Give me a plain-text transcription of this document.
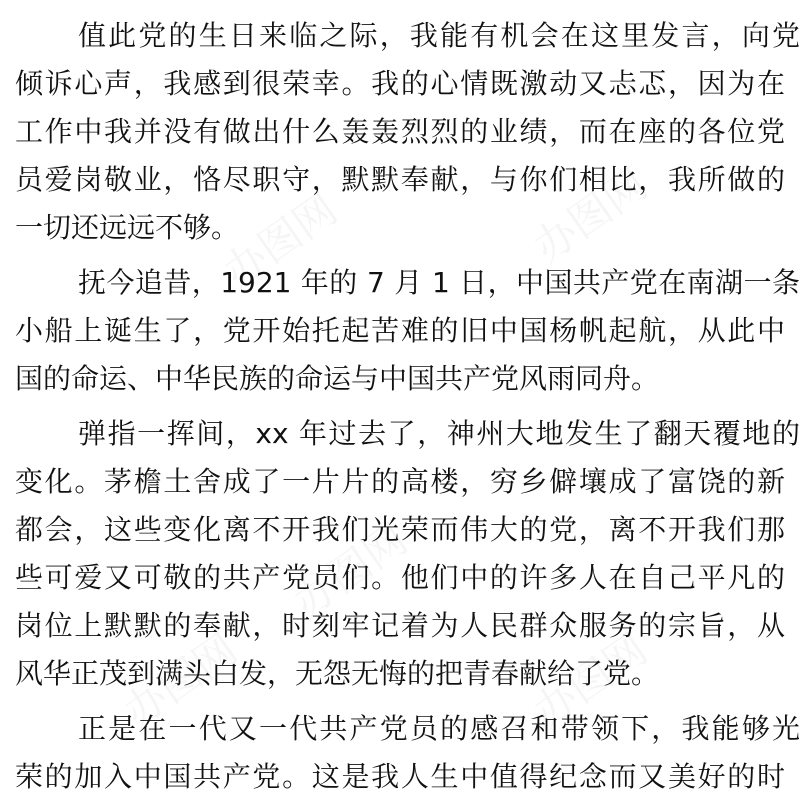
办图网	办图网
办图网
办图网	办图网

值此党的生日来临之际，我能有机会在这里发言，向党

倾诉心声，我感到很荣幸。我的心情既激动又忐忑，因为在

工作中我并没有做出什么轰轰烈烈的业绩，而在座的各位党

员爱岗敬业，恪尽职守，默默奉献，与你们相比，我所做的

一切还远远不够。

抚今追昔，1921 年的 7 月 1 日，中国共产党在南湖一条

小船上诞生了，党开始托起苦难的旧中国杨帆起航，从此中

国的命运、中华民族的命运与中国共产党风雨同舟。

弹指一挥间，xx 年过去了，神州大地发生了翻天覆地的

变化。茅檐土舍成了一片片的高楼，穷乡僻壤成了富饶的新

都会，这些变化离不开我们光荣而伟大的党，离不开我们那

些可爱又可敬的共产党员们。他们中的许多人在自己平凡的

岗位上默默的奉献，时刻牢记着为人民群众服务的宗旨，从

风华正茂到满头白发，无怨无悔的把青春献给了党。

正是在一代又一代共产党员的感召和带领下，我能够光

荣的加入中国共产党。这是我人生中值得纪念而又美好的时
